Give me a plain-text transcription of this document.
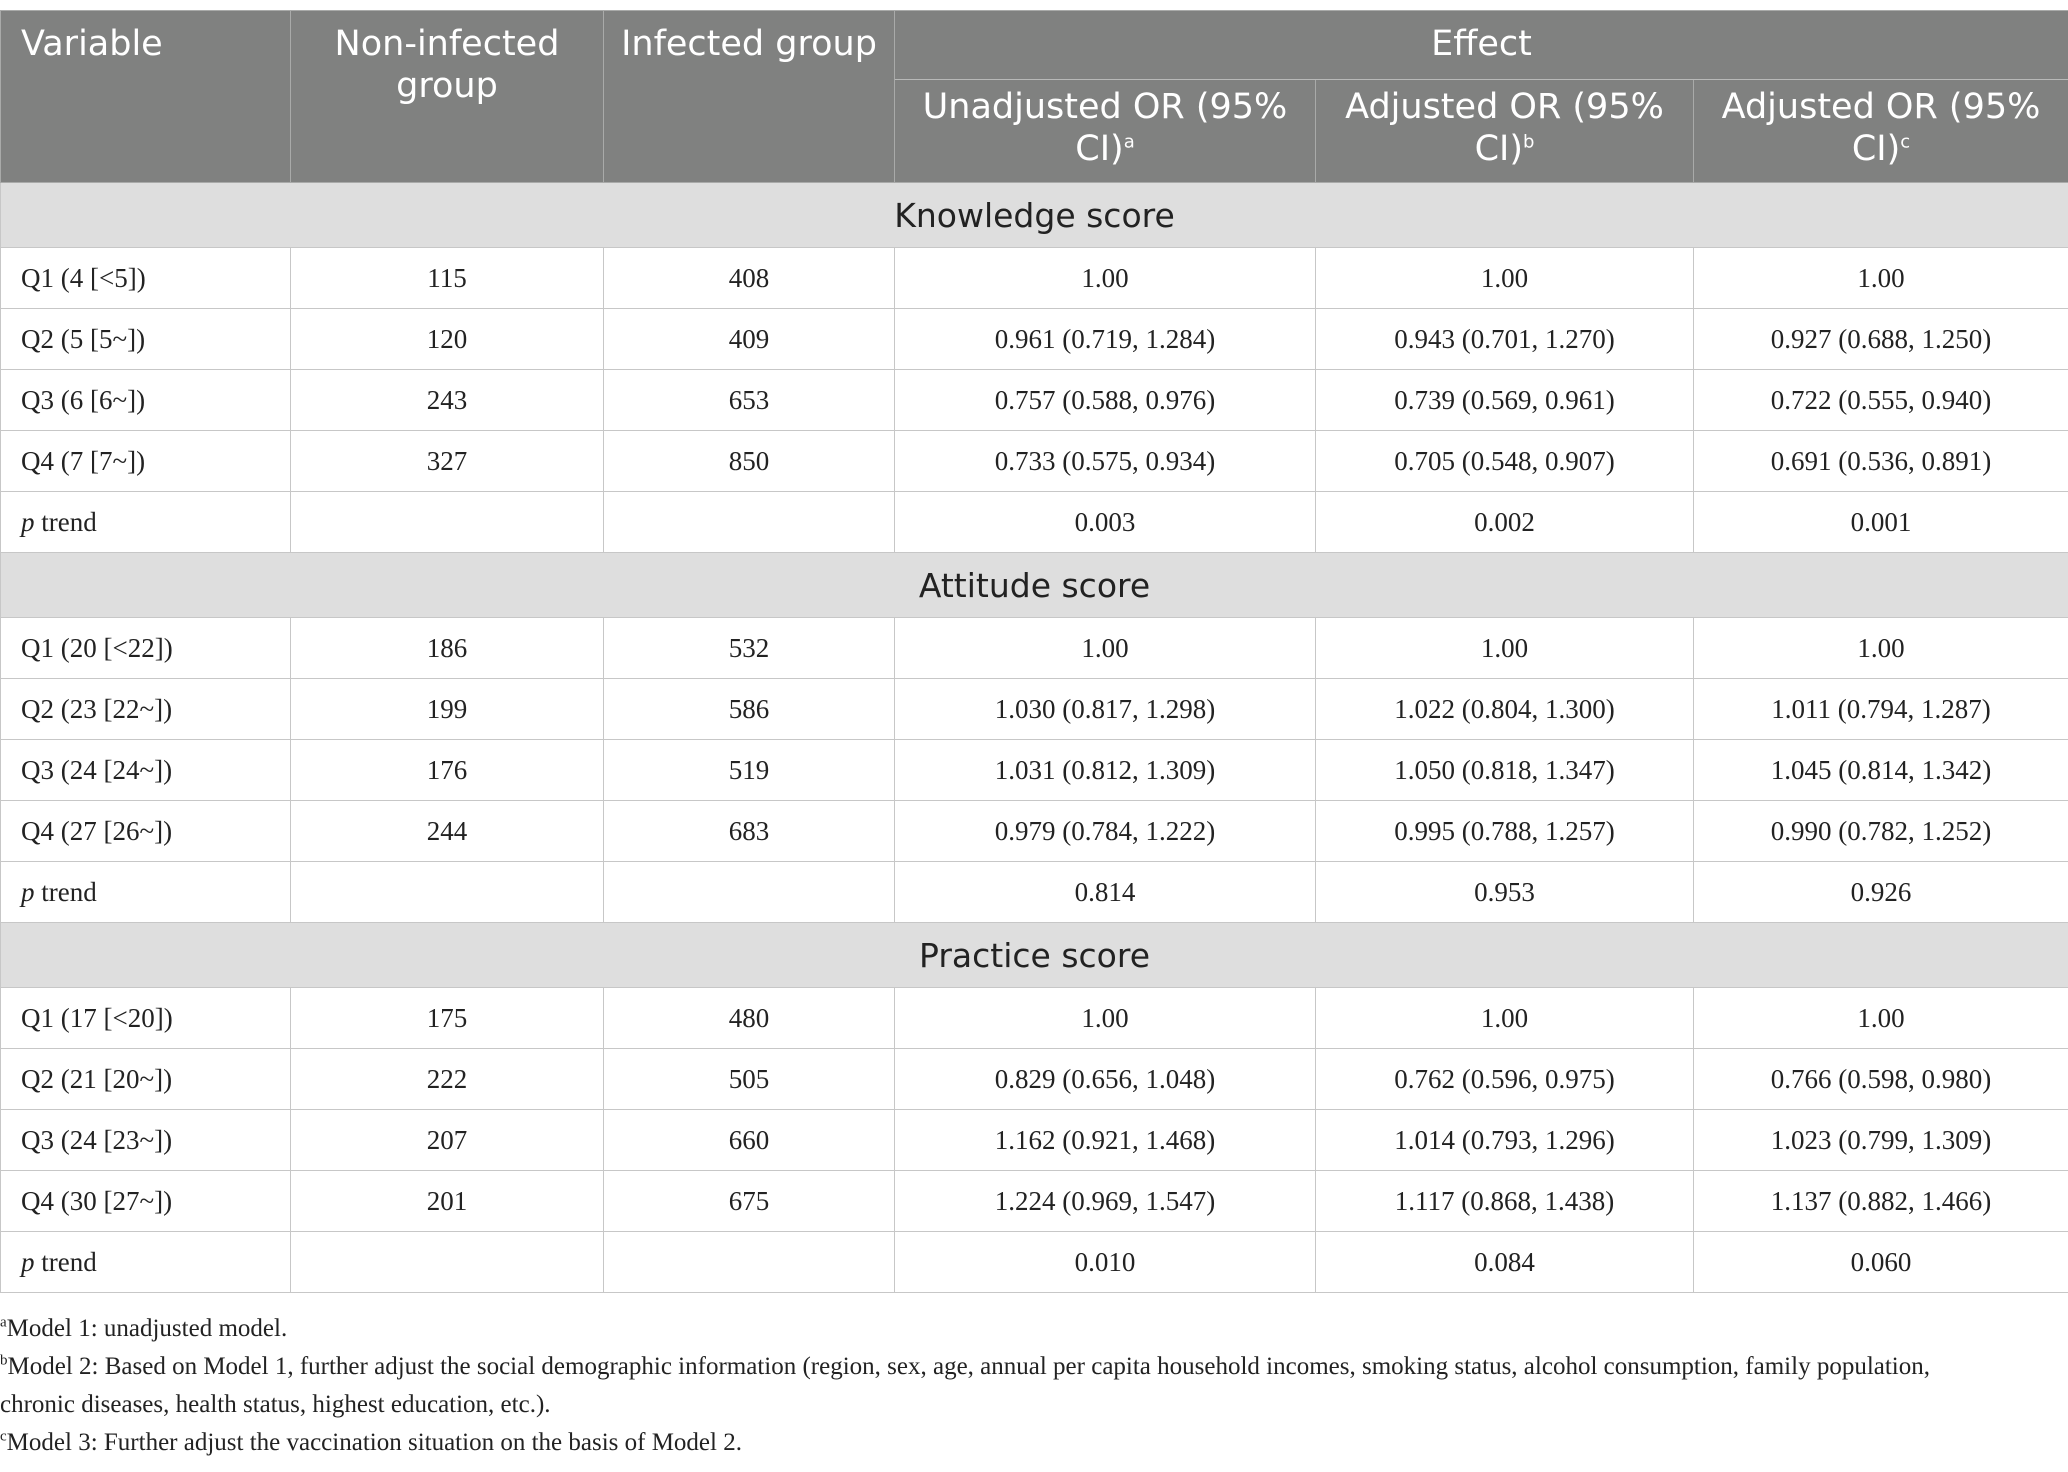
Variable	Non-infected group	Infected group	Effect		
			Unadjusted OR (95% CI)$^a$	Adjusted OR (95% CI)$^b$	Adjusted OR (95% CI)$^c$
Knowledge score					
Q1 (4 [<5])	115	408	1.00	1.00	1.00
Q2 (5 [5~])	120	409	0.961 (0.719, 1.284)	0.943 (0.701, 1.270)	0.927 (0.688, 1.250)
Q3 (6 [6~])	243	653	0.757 (0.588, 0.976)	0.739 (0.569, 0.961)	0.722 (0.555, 0.940)
Q4 (7 [7~])	327	850	0.733 (0.575, 0.934)	0.705 (0.548, 0.907)	0.691 (0.536, 0.891)
p trend			0.003	0.002	0.001
Attitude score					
Q1 (20 [<22])	186	532	1.00	1.00	1.00
Q2 (23 [22~])	199	586	1.030 (0.817, 1.298)	1.022 (0.804, 1.300)	1.011 (0.794, 1.287)
Q3 (24 [24~])	176	519	1.031 (0.812, 1.309)	1.050 (0.818, 1.347)	1.045 (0.814, 1.342)
Q4 (27 [26~])	244	683	0.979 (0.784, 1.222)	0.995 (0.788, 1.257)	0.990 (0.782, 1.252)
p trend			0.814	0.953	0.926
Practice score					
Q1 (17 [<20])	175	480	1.00	1.00	1.00
Q2 (21 [20~])	222	505	0.829 (0.656, 1.048)	0.762 (0.596, 0.975)	0.766 (0.598, 0.980)
Q3 (24 [23~])	207	660	1.162 (0.921, 1.468)	1.014 (0.793, 1.296)	1.023 (0.799, 1.309)
Q4 (30 [27~])	201	675	1.224 (0.969, 1.547)	1.117 (0.868, 1.438)	1.137 (0.882, 1.466)
p trend			0.010	0.084	0.060

$^a$Model 1: unadjusted model.

$^b$Model 2: Based on Model 1, further adjust the social demographic information (region, sex, age, annual per capita household incomes, smoking status, alcohol consumption, family population, chronic diseases, health status, highest education, etc.).

$^c$Model 3: Further adjust the vaccination situation on the basis of Model 2.
